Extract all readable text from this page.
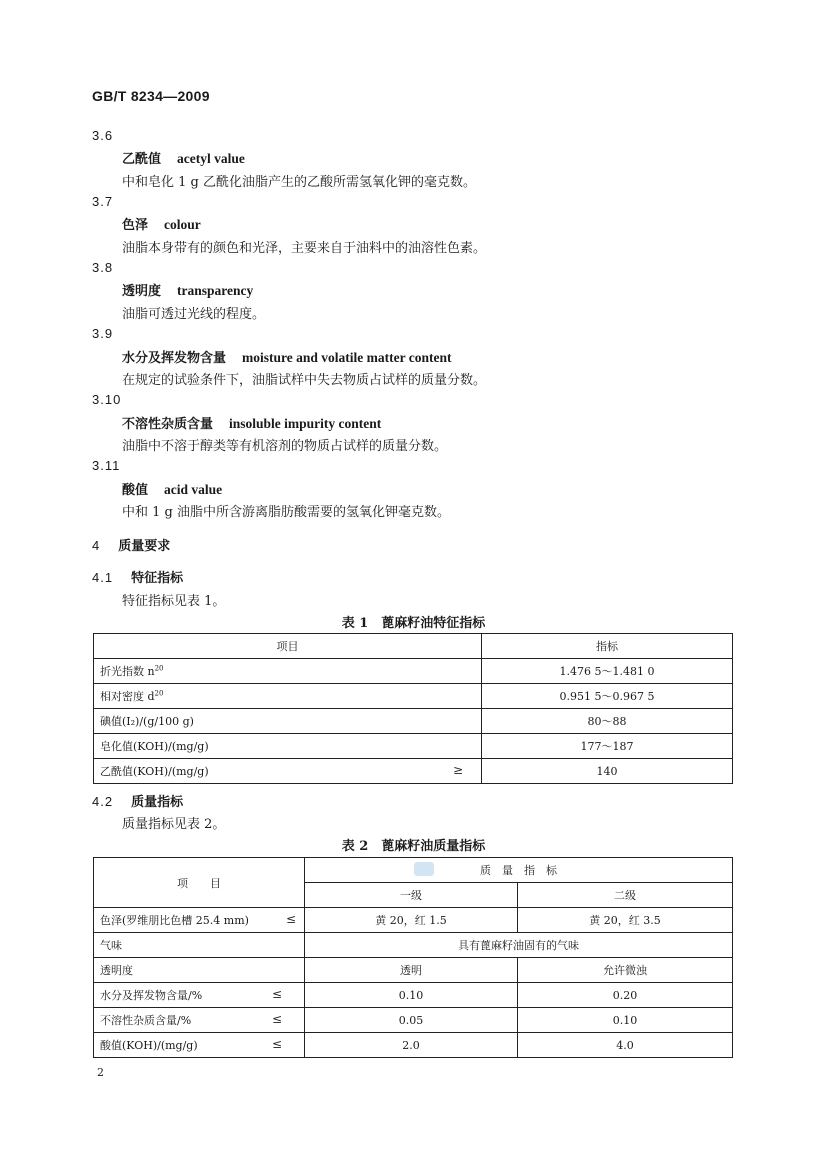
GB/T 8234—2009
3.6
乙酰值 acetyl value
中和皂化 1 g 乙酰化油脂产生的乙酸所需氢氧化钾的毫克数。
3.7
色泽 colour
油脂本身带有的颜色和光泽，主要来自于油料中的油溶性色素。
3.8
透明度 transparency
油脂可透过光线的程度。
3.9
水分及挥发物含量 moisture and volatile matter content
在规定的试验条件下，油脂试样中失去物质占试样的质量分数。
3.10
不溶性杂质含量 insoluble impurity content
油脂中不溶于醇类等有机溶剂的物质占试样的质量分数。
3.11
酸值 acid value
中和 1 g 油脂中所含游离脂肪酸需要的氢氧化钾毫克数。
4 质量要求
4.1 特征指标
特征指标见表 1。
表 1　蓖麻籽油特征指标
项目	指标
折光指数 $n^{20}$	1.476 5～1.481 0
相对密度 $d^{20}$	0.951 5～0.967 5
碘值(I₂)/(g/100 g)	80～88
皂化值(KOH)/(mg/g)	177～187
乙酰值(KOH)/(mg/g) ≥	140
4.2 质量指标
质量指标见表 2。
表 2　蓖麻籽油质量指标
项　　目	质　量　指　标	
	一级	二级
色泽(罗维朋比色槽 25.4 mm) ≤	黄 20，红 1.5	黄 20，红 3.5
气味	具有蓖麻籽油固有的气味	
透明度	透明	允许微浊
水分及挥发物含量/% ≤	0.10	0.20
不溶性杂质含量/% ≤	0.05	0.10
酸值(KOH)/(mg/g) ≤	2.0	4.0
2
